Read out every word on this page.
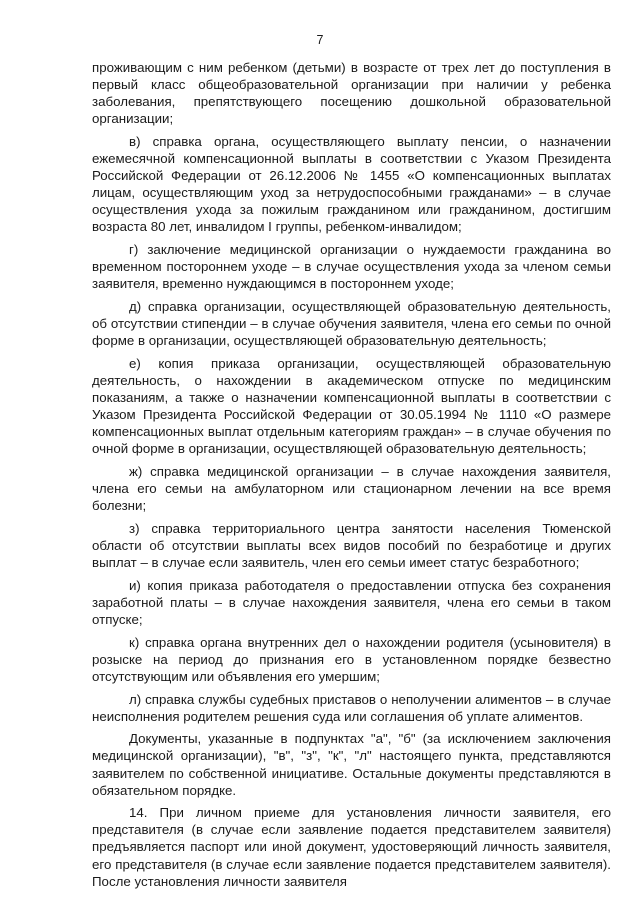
7

проживающим с ним ребенком (детьми) в возрасте от трех лет до поступления в первый класс общеобразовательной организации при наличии у ребенка заболевания, препятствующего посещению дошкольной образовательной организации;

в) справка органа, осуществляющего выплату пенсии, о назначении ежемесячной компенсационной выплаты в соответствии с Указом Президента Российской Федерации от 26.12.2006 № 1455 «О компенсационных выплатах лицам, осуществляющим уход за нетрудоспособными гражданами» – в случае осуществления ухода за пожилым гражданином или гражданином, достигшим возраста 80 лет, инвалидом I группы, ребенком-инвалидом;

г) заключение медицинской организации о нуждаемости гражданина во временном постороннем уходе – в случае осуществления ухода за членом семьи заявителя, временно нуждающимся в постороннем уходе;

д) справка организации, осуществляющей образовательную деятельность, об отсутствии стипендии – в случае обучения заявителя, члена его семьи по очной форме в организации, осуществляющей образовательную деятельность;

е) копия приказа организации, осуществляющей образовательную деятельность, о нахождении в академическом отпуске по медицинским показаниям, а также о назначении компенсационной выплаты в соответствии с Указом Президента Российской Федерации от 30.05.1994 № 1110 «О размере компенсационных выплат отдельным категориям граждан» – в случае обучения по очной форме в организации, осуществляющей образовательную деятельность;

ж) справка медицинской организации – в случае нахождения заявителя, члена его семьи на амбулаторном или стационарном лечении на все время болезни;

з) справка территориального центра занятости населения Тюменской области об отсутствии выплаты всех видов пособий по безработице и других выплат – в случае если заявитель, член его семьи имеет статус безработного;

и) копия приказа работодателя о предоставлении отпуска без сохранения заработной платы – в случае нахождения заявителя, члена его семьи в таком отпуске;

к) справка органа внутренних дел о нахождении родителя (усыновителя) в розыске на период до признания его в установленном порядке безвестно отсутствующим или объявления его умершим;

л) справка службы судебных приставов о неполучении алиментов – в случае неисполнения родителем решения суда или соглашения об уплате алиментов.

Документы, указанные в подпунктах "а", "б" (за исключением заключения медицинской организации), "в", "з", "к", "л" настоящего пункта, представляются заявителем по собственной инициативе. Остальные документы представляются в обязательном порядке.

14. При личном приеме для установления личности заявителя, его представителя (в случае если заявление подается представителем заявителя) предъявляется паспорт или иной документ, удостоверяющий личность заявителя, его представителя (в случае если заявление подается представителем заявителя). После установления личности заявителя
